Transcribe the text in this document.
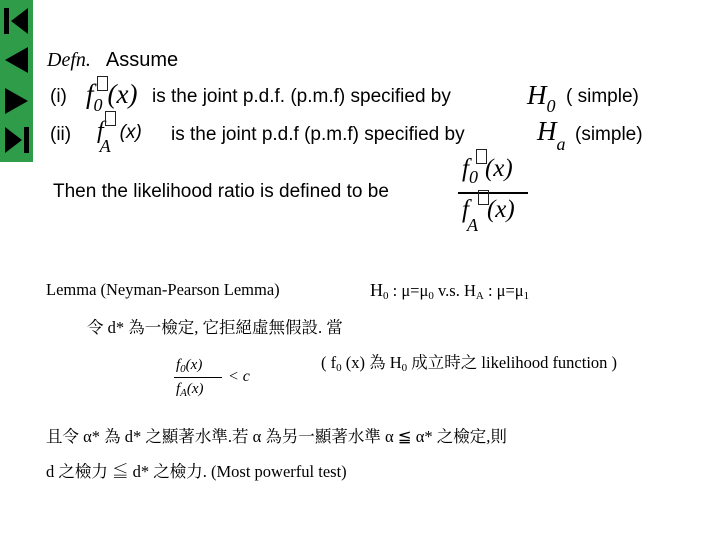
Defn. Assume
(i) f0 (x) is the joint p.d.f. (p.m.f) specified by	H0 ( simple)
(ii) fA  (x) is the joint p.d.f (p.m.f) specified by	Ha (simple)
Then the likelihood ratio is defined to be
f0 (x)
fA  (x)
Lemma (Neyman-Pearson Lemma)	$H_0$ : $\mu=\mu_0$ v.s. $H_A$ : $\mu=\mu_1$
令 d* 為一檢定, 它拒絕虛無假設. 當
$f_0(x)$
$f_A(x)$
< c
( $f_0$ (x) 為 $H_0$ 成立時之 likelihood function )
且令 α* 為 d* 之顯著水準.若 α 為另一顯著水準 α ≦ α* 之檢定,則
d 之檢力 ≦ d* 之檢力. (Most powerful test)
